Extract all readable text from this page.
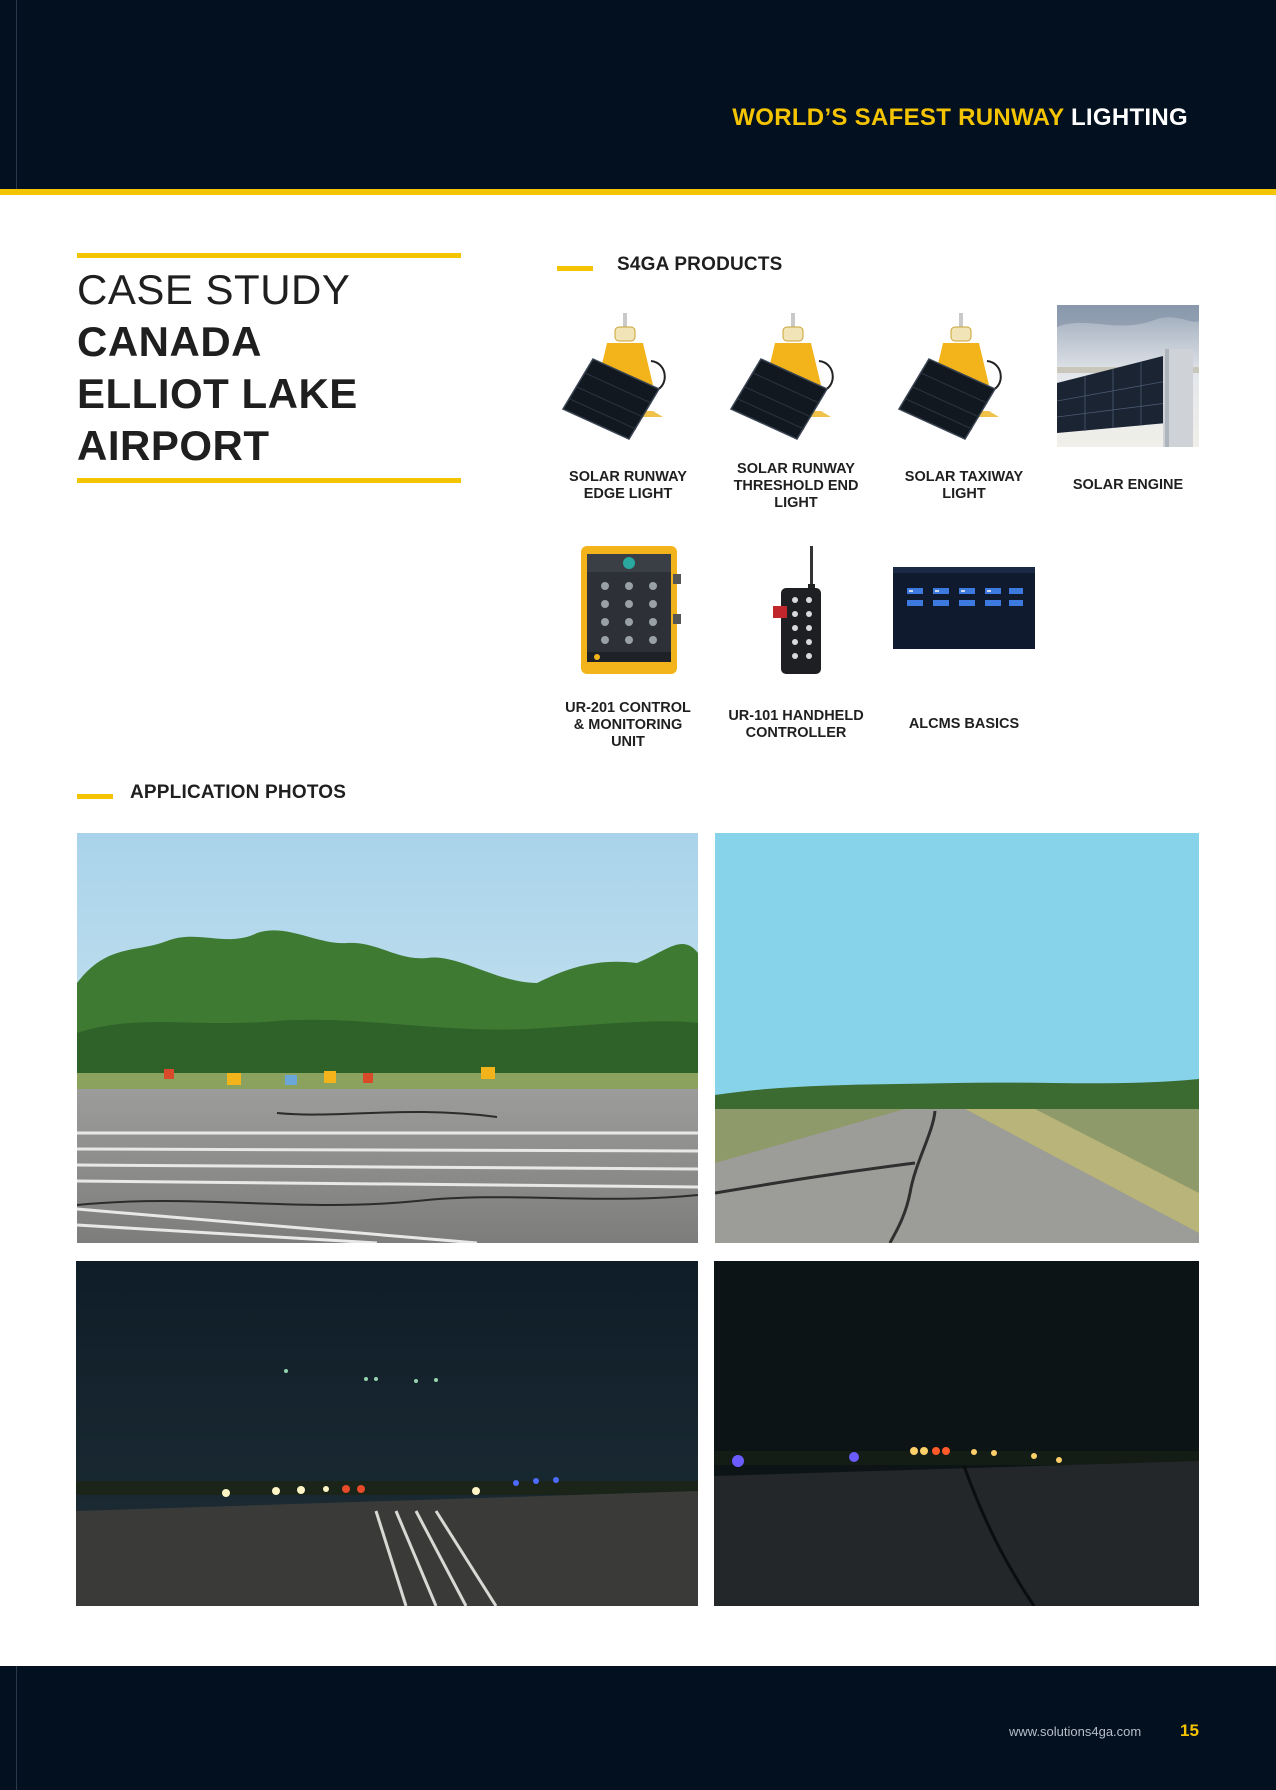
WORLD’S SAFEST RUNWAY LIGHTING
CASE STUDY
CANADA
ELLIOT LAKE
AIRPORT
S4GA PRODUCTS
SOLAR RUNWAY
EDGE LIGHT
SOLAR RUNWAY
THRESHOLD END
LIGHT
SOLAR TAXIWAY
LIGHT
SOLAR ENGINE
UR-201 CONTROL
& MONITORING
UNIT
UR-101 HANDHELD
CONTROLLER
ALCMS BASICS
APPLICATION PHOTOS
www.solutions4ga.com 15
